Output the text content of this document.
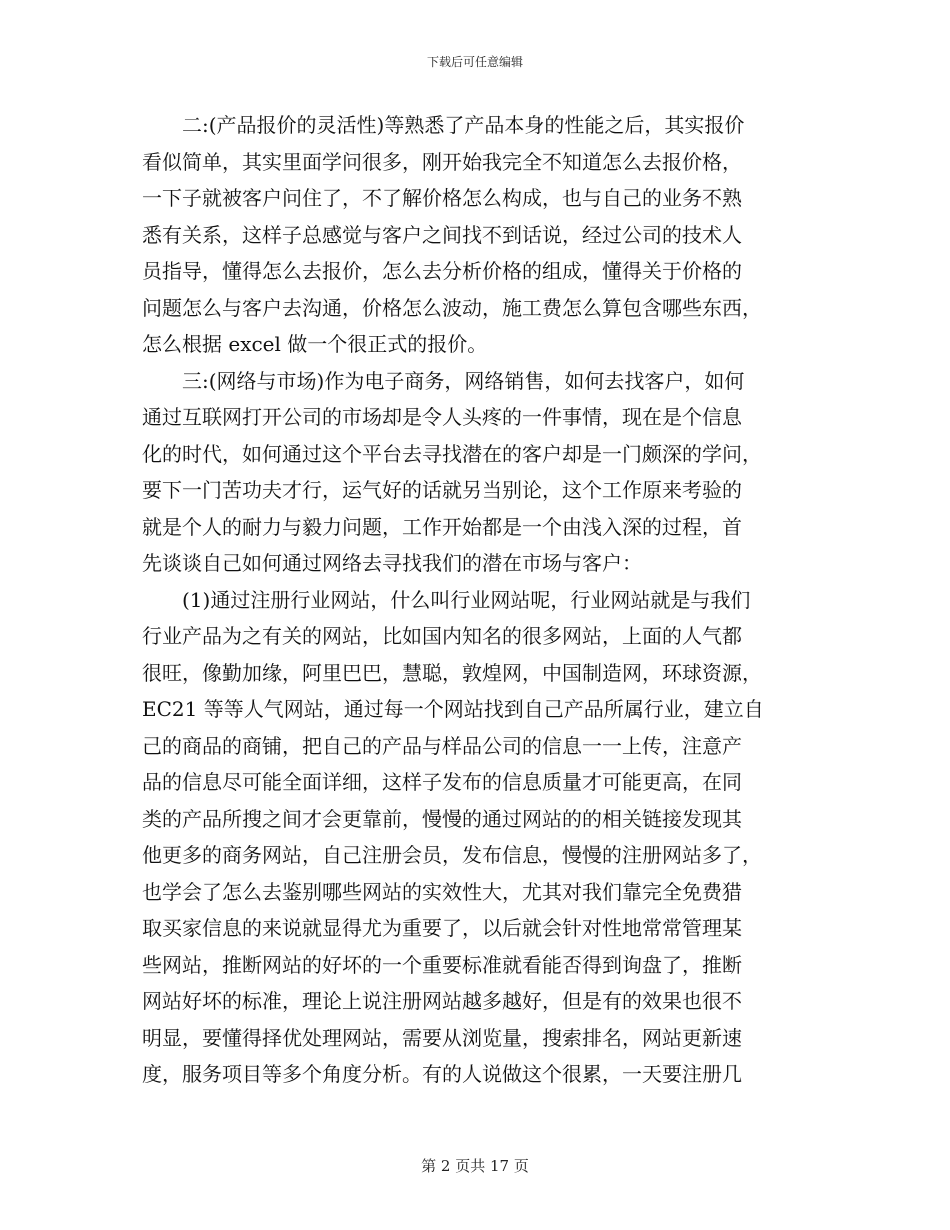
下载后可任意编辑
　　二:(产品报价的灵活性)等熟悉了产品本身的性能之后，其实报价
看似简单，其实里面学问很多，刚开始我完全不知道怎么去报价格，
一下子就被客户问住了，不了解价格怎么构成，也与自己的业务不熟
悉有关系，这样子总感觉与客户之间找不到话说，经过公司的技术人
员指导，懂得怎么去报价，怎么去分析价格的组成，懂得关于价格的
问题怎么与客户去沟通，价格怎么波动，施工费怎么算包含哪些东西，
怎么根据 excel 做一个很正式的报价。
　　三:(网络与市场)作为电子商务，网络销售，如何去找客户，如何
通过互联网打开公司的市场却是令人头疼的一件事情，现在是个信息
化的时代，如何通过这个平台去寻找潜在的客户却是一门颇深的学问，
要下一门苦功夫才行，运气好的话就另当别论，这个工作原来考验的
就是个人的耐力与毅力问题，工作开始都是一个由浅入深的过程，首
先谈谈自己如何通过网络去寻找我们的潜在市场与客户：
　　(1)通过注册行业网站，什么叫行业网站呢，行业网站就是与我们
行业产品为之有关的网站，比如国内知名的很多网站，上面的人气都
很旺，像勤加缘，阿里巴巴，慧聪，敦煌网，中国制造网，环球资源，
EC21 等等人气网站，通过每一个网站找到自己产品所属行业，建立自
己的商品的商铺，把自己的产品与样品公司的信息一一上传，注意产
品的信息尽可能全面详细，这样子发布的信息质量才可能更高，在同
类的产品所搜之间才会更靠前，慢慢的通过网站的的相关链接发现其
他更多的商务网站，自己注册会员，发布信息，慢慢的注册网站多了，
也学会了怎么去鉴别哪些网站的实效性大，尤其对我们靠完全免费猎
取买家信息的来说就显得尤为重要了，以后就会针对性地常常管理某
些网站，推断网站的好坏的一个重要标准就看能否得到询盘了，推断
网站好坏的标准，理论上说注册网站越多越好，但是有的效果也很不
明显，要懂得择优处理网站，需要从浏览量，搜索排名，网站更新速
度，服务项目等多个角度分析。有的人说做这个很累，一天要注册几
第 2 页共 17 页
